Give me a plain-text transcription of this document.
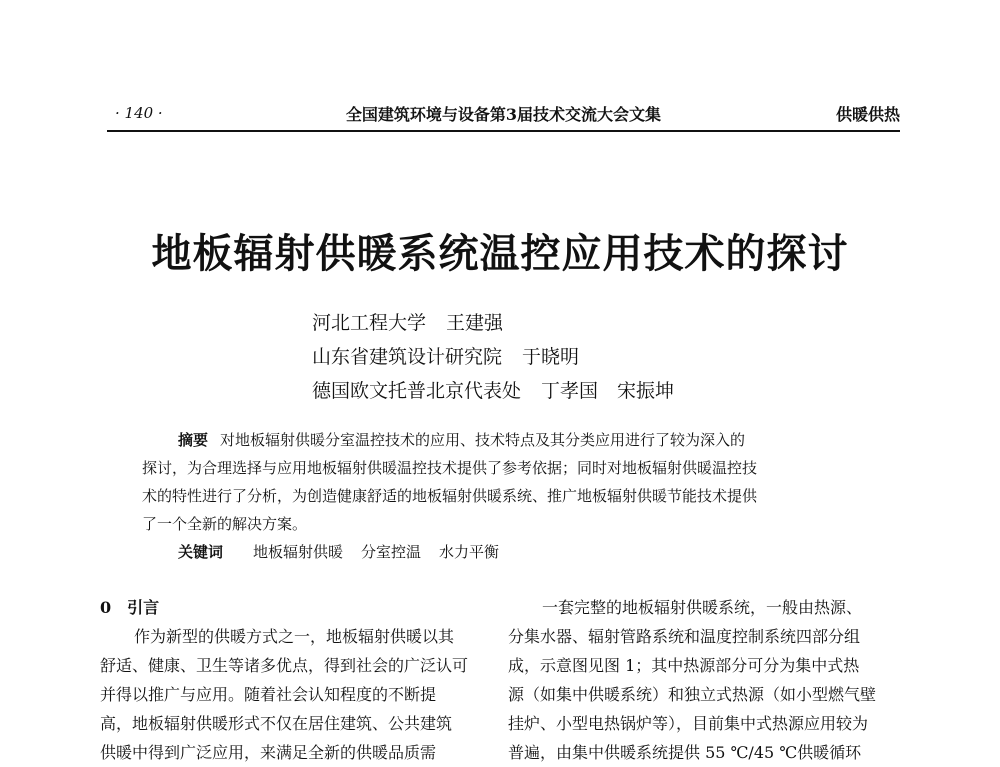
· 140 ·	全国建筑环境与设备第3届技术交流大会文集	供暖供热
地板辐射供暖系统温控应用技术的探讨
河北工程大学 王建强
山东省建筑设计研究院 于晓明
德国欧文托普北京代表处 丁孝国　宋振坤
摘要 对地板辐射供暖分室温控技术的应用、技术特点及其分类应用进行了较为深入的
探讨，为合理选择与应用地板辐射供暖温控技术提供了参考依据；同时对地板辐射供暖温控技
术的特性进行了分析，为创造健康舒适的地板辐射供暖系统、推广地板辐射供暖节能技术提供
了一个全新的解决方案。
关键词 地板辐射供暖 分室控温 水力平衡
0　引言
作为新型的供暖方式之一，地板辐射供暖以其
舒适、健康、卫生等诸多优点，得到社会的广泛认可
并得以推广与应用。随着社会认知程度的不断提
高，地板辐射供暖形式不仅在居住建筑、公共建筑
供暖中得到广泛应用，来满足全新的供暖品质需
一套完整的地板辐射供暖系统，一般由热源、
分集水器、辐射管路系统和温度控制系统四部分组
成，示意图见图 1；其中热源部分可分为集中式热
源（如集中供暖系统）和独立式热源（如小型燃气壁
挂炉、小型电热锅炉等），目前集中式热源应用较为
普遍，由集中供暖系统提供 55 ℃/45 ℃供暖循环
